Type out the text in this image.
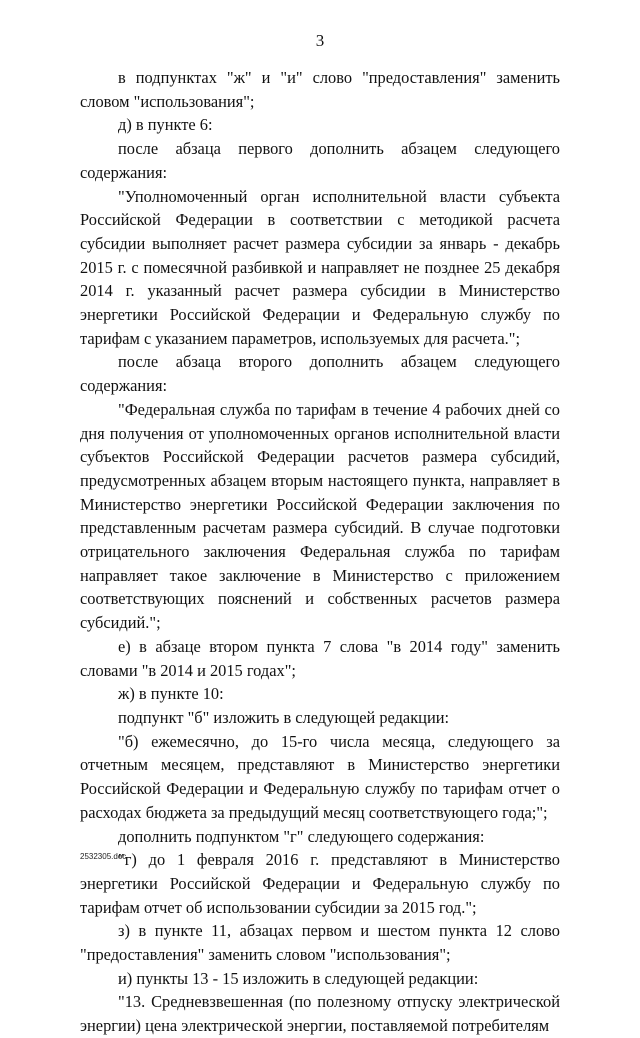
3

в подпунктах "ж" и "и" слово "предоставления" заменить словом "использования";

д) в пункте 6:

после абзаца первого дополнить абзацем следующего содержания:

"Уполномоченный орган исполнительной власти субъекта Российской Федерации в соответствии с методикой расчета субсидии выполняет расчет размера субсидии за январь - декабрь 2015 г. с помесячной разбивкой и направляет не позднее 25 декабря 2014 г. указанный расчет размера субсидии в Министерство энергетики Российской Федерации и Федеральную службу по тарифам с указанием параметров, используемых для расчета.";

после абзаца второго дополнить абзацем следующего содержания:

"Федеральная служба по тарифам в течение 4 рабочих дней со дня получения от уполномоченных органов исполнительной власти субъектов Российской Федерации расчетов размера субсидий, предусмотренных абзацем вторым настоящего пункта, направляет в Министерство энергетики Российской Федерации заключения по представленным расчетам размера субсидий. В случае подготовки отрицательного заключения Федеральная служба по тарифам направляет такое заключение в Министерство с приложением соответствующих пояснений и собственных расчетов размера субсидий.";

е) в абзаце втором пункта 7 слова "в 2014 году" заменить словами "в 2014 и 2015 годах";

ж) в пункте 10:

подпункт "б" изложить в следующей редакции:

"б) ежемесячно, до 15-го числа месяца, следующего за отчетным месяцем, представляют в Министерство энергетики Российской Федерации и Федеральную службу по тарифам отчет о расходах бюджета за предыдущий месяц соответствующего года;";

дополнить подпунктом "г" следующего содержания:

"г) до 1 февраля 2016 г. представляют в Министерство энергетики Российской Федерации и Федеральную службу по тарифам отчет об использовании субсидии за 2015 год.";

з) в пункте 11, абзацах первом и шестом пункта 12 слово "предоставления" заменить словом "использования";

и) пункты 13 - 15 изложить в следующей редакции:

"13. Средневзвешенная (по полезному отпуску электрической энергии) цена электрической энергии, поставляемой потребителям

2532305.doc
